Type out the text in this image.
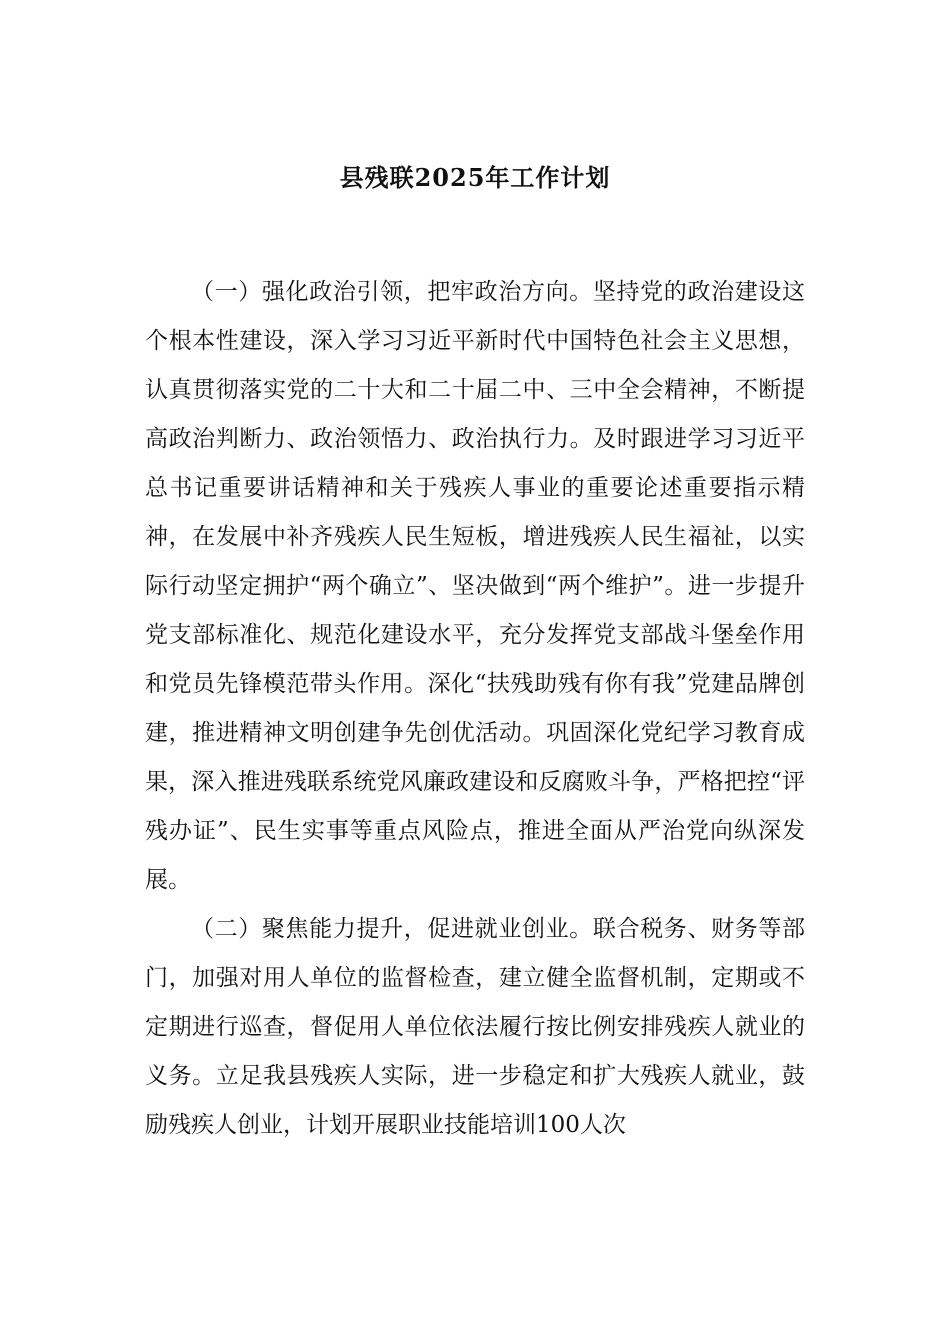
县残联2025年工作计划

（一）强化政治引领，把牢政治方向。坚持党的政治建设这个根本性建设，深入学习习近平新时代中国特色社会主义思想，认真贯彻落实党的二十大和二十届二中、三中全会精神，不断提高政治判断力、政治领悟力、政治执行力。及时跟进学习习近平总书记重要讲话精神和关于残疾人事业的重要论述重要指示精神，在发展中补齐残疾人民生短板，增进残疾人民生福祉，以实际行动坚定拥护“两个确立”、坚决做到“两个维护”。进一步提升党支部标准化、规范化建设水平，充分发挥党支部战斗堡垒作用和党员先锋模范带头作用。深化“扶残助残有你有我”党建品牌创建，推进精神文明创建争先创优活动。巩固深化党纪学习教育成果，深入推进残联系统党风廉政建设和反腐败斗争，严格把控“评残办证”、民生实事等重点风险点，推进全面从严治党向纵深发展。

（二）聚焦能力提升，促进就业创业。联合税务、财务等部门，加强对用人单位的监督检查，建立健全监督机制，定期或不定期进行巡查，督促用人单位依法履行按比例安排残疾人就业的义务。立足我县残疾人实际，进一步稳定和扩大残疾人就业，鼓励残疾人创业，计划开展职业技能培训100人次
